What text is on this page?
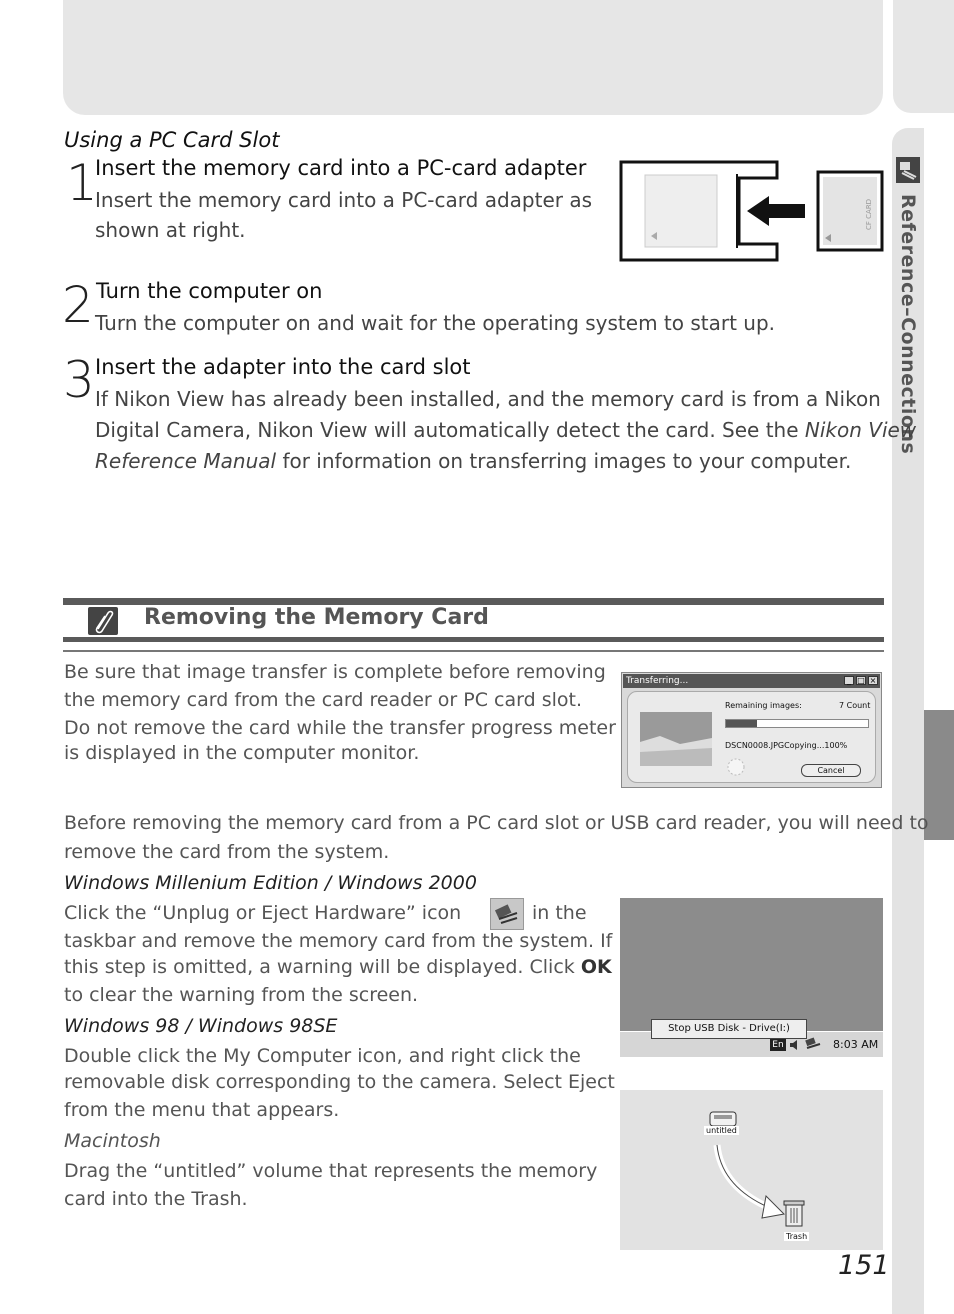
Reference–Connections
Using a PC Card Slot
1
Insert the memory card into a PC-card adapter
Insert the memory card into a PC-card adapter as
shown at right.	CF CARD
2 Turn the computer on
Turn the computer on and wait for the operating system to start up.
3 Insert the adapter into the card slot
If Nikon View has already been installed, and the memory card is from a Nikon
Digital Camera, Nikon View will automatically detect the card. See the Nikon View
Reference Manual for information on transferring images to your computer.
Removing the Memory Card
Be sure that image transfer is complete before removing
the memory card from the card reader or PC card slot.
Do not remove the card while the transfer progress meter
is displayed in the computer monitor.
Transferring...	_ □ ×
Remaining images:	7 Count
DSCN0008.JPGCopying...100%
Cancel
Before removing the memory card from a PC card slot or USB card reader, you will need to
remove the card from the system.
Windows Millenium Edition / Windows 2000
Click the “Unplug or Eject Hardware” icon	in the
taskbar and remove the memory card from the system. If
this step is omitted, a warning will be displayed. Click OK
to clear the warning from the screen.
Stop USB Disk - Drive(I:)
En	8:03 AM
Windows 98 / Windows 98SE
Double click the My Computer icon, and right click the
removable disk corresponding to the camera. Select Eject
from the menu that appears.
Macintosh
Drag the “untitled” volume that represents the memory
card into the Trash.
untitled
Trash
151
